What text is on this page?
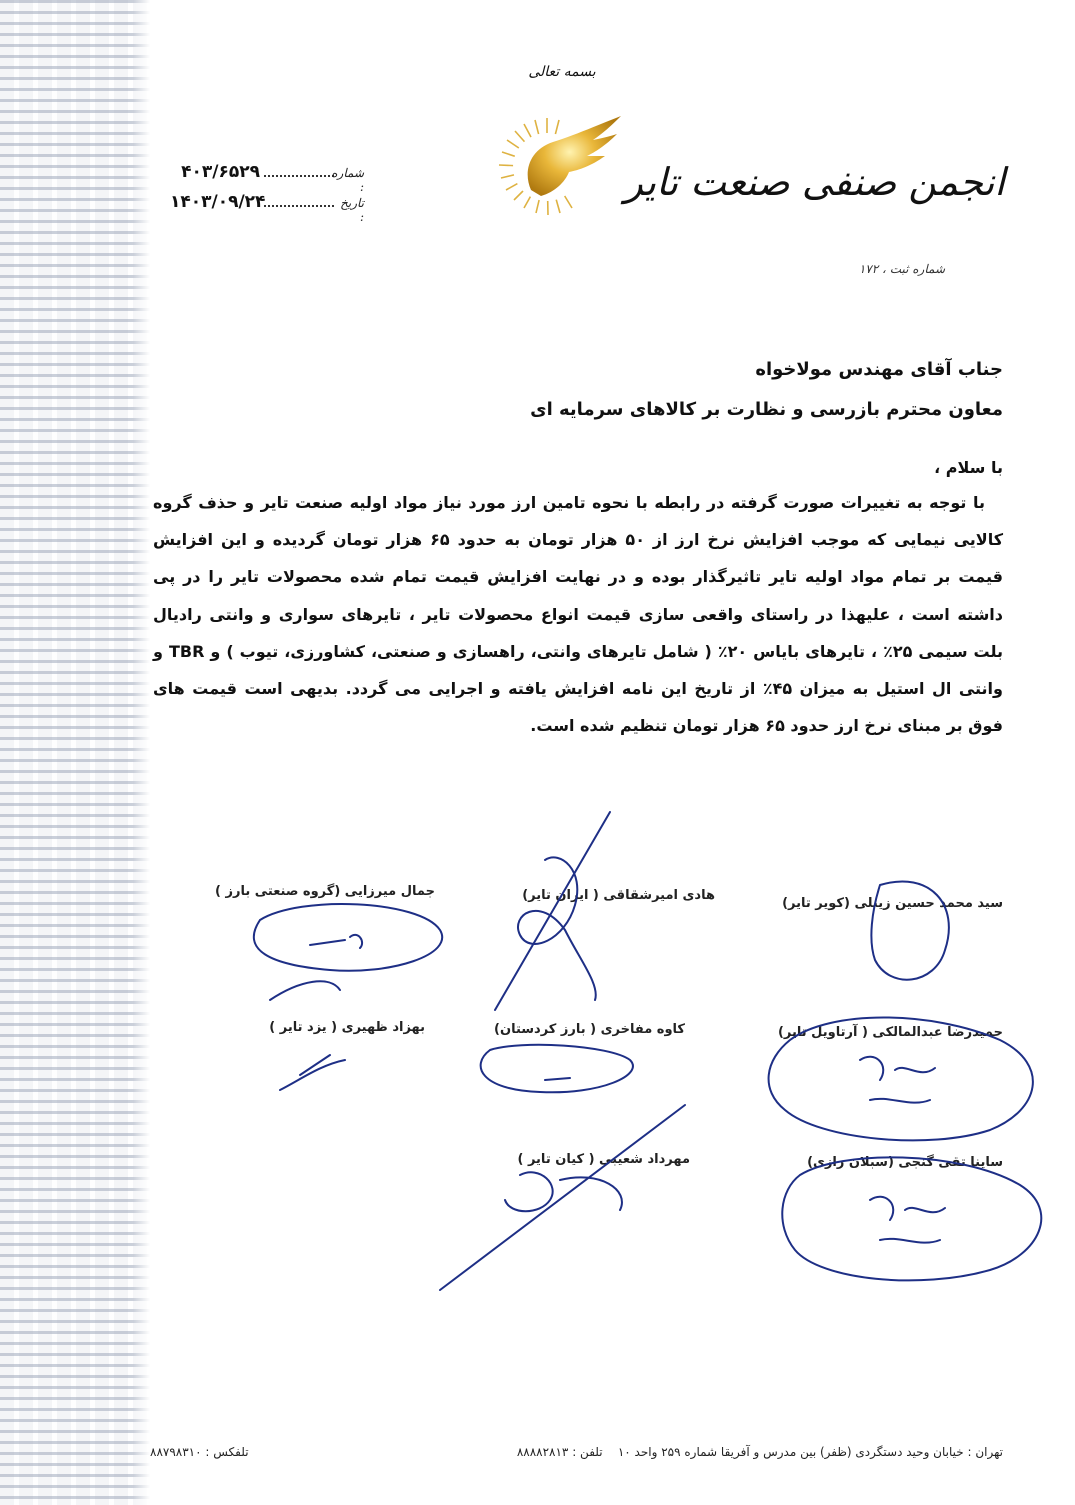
بسمه تعالی
انجمن صنفی صنعت تایر
شماره ثبت ، ۱۷۲
۴۰۳/۶۵۲۹	شماره :
۱۴۰۳/۰۹/۲۴	تاریخ :
جناب آقای مهندس مولاخواه
معاون محترم بازرسی و نظارت بر کالاهای سرمایه ای
با سلام ،
با توجه به تغییرات صورت گرفته در رابطه با نحوه تامین ارز مورد نیاز مواد اولیه صنعت تایر و حذف گروه کالایی نیمایی که موجب افزایش نرخ ارز از ۵۰ هزار تومان به حدود ۶۵ هزار تومان گردیده و این افزایش قیمت بر تمام مواد اولیه تایر تاثیرگذار بوده و در نهایت افزایش قیمت تمام شده محصولات تایر را در پی داشته است ، علیهذا در راستای واقعی سازی قیمت انواع محصولات تایر ، تایرهای سواری و وانتی رادیال بلت سیمی ۲۵٪ ، تایرهای بایاس ۲۰٪ ( شامل تایرهای وانتی، راهسازی و صنعتی، کشاورزی، تیوب ) و TBR و وانتی ال استیل به میزان ۴۵٪ از تاریخ این نامه افزایش یافته و اجرایی می گردد. بدیهی است قیمت های فوق بر مبنای نرخ ارز حدود ۶۵ هزار تومان تنظیم شده است.
سید محمد حسین زینلی (کویر تایر)
هادی امیرشقاقی ( ایران تایر)
جمال میرزایی (گروه صنعتی بارز )
حمیدرضا عبدالمالکی ( آرتاویل تایر)
کاوه مفاخری ( بارز کردستان)
بهزاد ظهیری ( یزد تایر )
ساینا تقی گنجی (سبلان رازی)
مهرداد شعیبی ( کیان تایر )
تهران : خیابان وحید دستگردی (ظفر) بین مدرس و آفریقا شماره ۲۵۹ واحد ۱۰    تلفن : ۸۸۸۸۲۸۱۳
تلفکس : ۸۸۷۹۸۳۱۰
